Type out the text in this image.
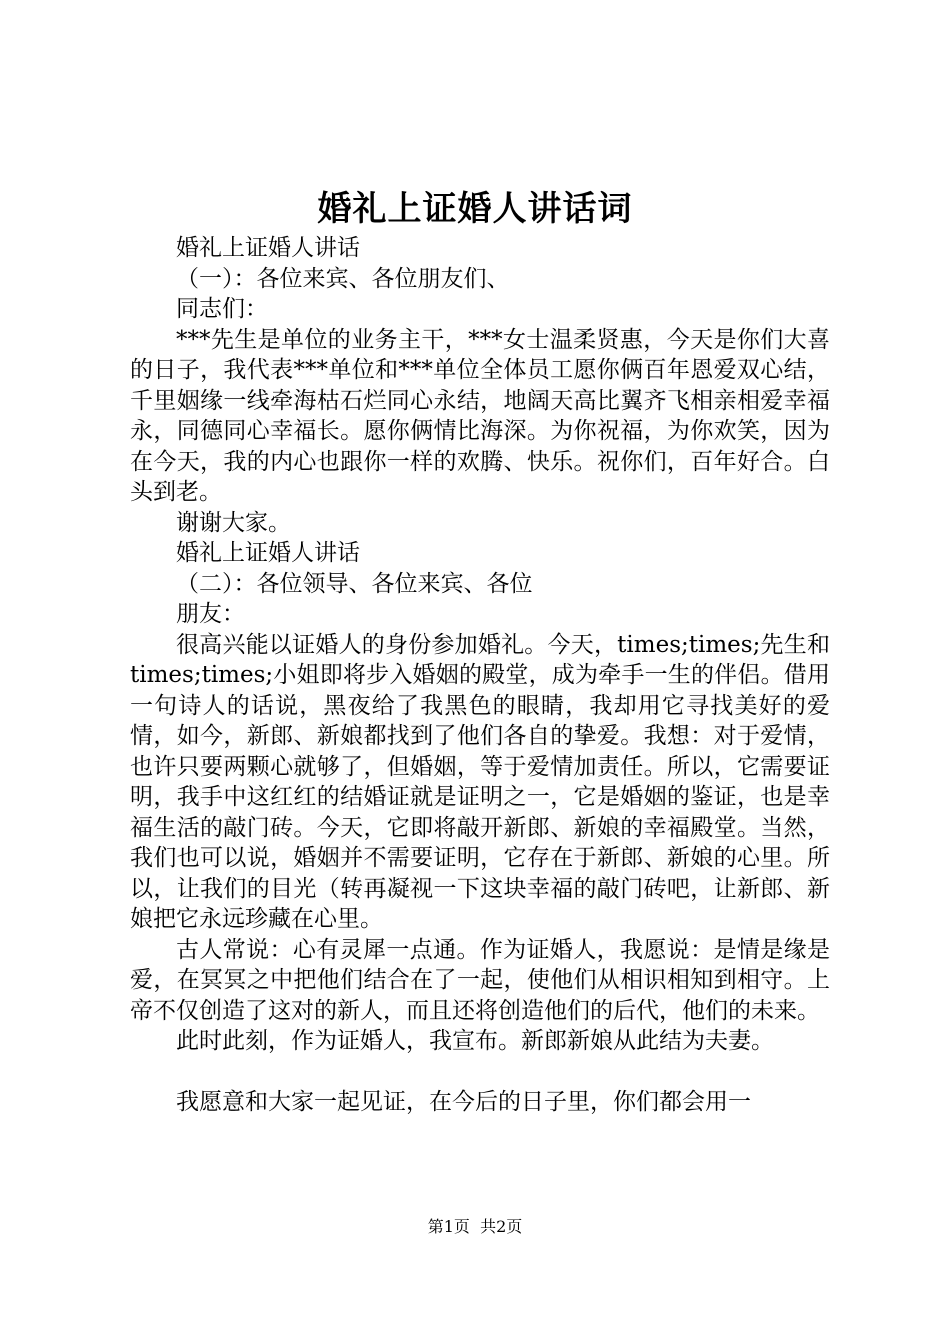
婚礼上证婚人讲话词

婚礼上证婚人讲话

（一）：各位来宾、各位朋友们、

同志们：

***先生是单位的业务主干，***女士温柔贤惠，今天是你们大喜的日子，我代表***单位和***单位全体员工愿你俩百年恩爱双心结，千里姻缘一线牵海枯石烂同心永结，地阔天高比翼齐飞相亲相爱幸福永，同德同心幸福长。愿你俩情比海深。为你祝福，为你欢笑，因为在今天，我的内心也跟你一样的欢腾、快乐。祝你们，百年好合。白头到老。

谢谢大家。

婚礼上证婚人讲话

（二）：各位领导、各位来宾、各位

朋友：

很高兴能以证婚人的身份参加婚礼。今天，times;times;先生和times;times;小姐即将步入婚姻的殿堂，成为牵手一生的伴侣。借用一句诗人的话说，黑夜给了我黑色的眼睛，我却用它寻找美好的爱情，如今，新郎、新娘都找到了他们各自的挚爱。我想：对于爱情，也许只要两颗心就够了，但婚姻，等于爱情加责任。所以，它需要证明，我手中这红红的结婚证就是证明之一，它是婚姻的鉴证，也是幸福生活的敲门砖。今天，它即将敲开新郎、新娘的幸福殿堂。当然，我们也可以说，婚姻并不需要证明，它存在于新郎、新娘的心里。所以，让我们的目光（转再凝视一下这块幸福的敲门砖吧，让新郎、新娘把它永远珍藏在心里。

古人常说：心有灵犀一点通。作为证婚人，我愿说：是情是缘是爱，在冥冥之中把他们结合在了一起，使他们从相识相知到相守。上帝不仅创造了这对的新人，而且还将创造他们的后代，他们的未来。

此时此刻，作为证婚人，我宣布。新郎新娘从此结为夫妻。

我愿意和大家一起见证，在今后的日子里，你们都会用一

第1页  共2页
